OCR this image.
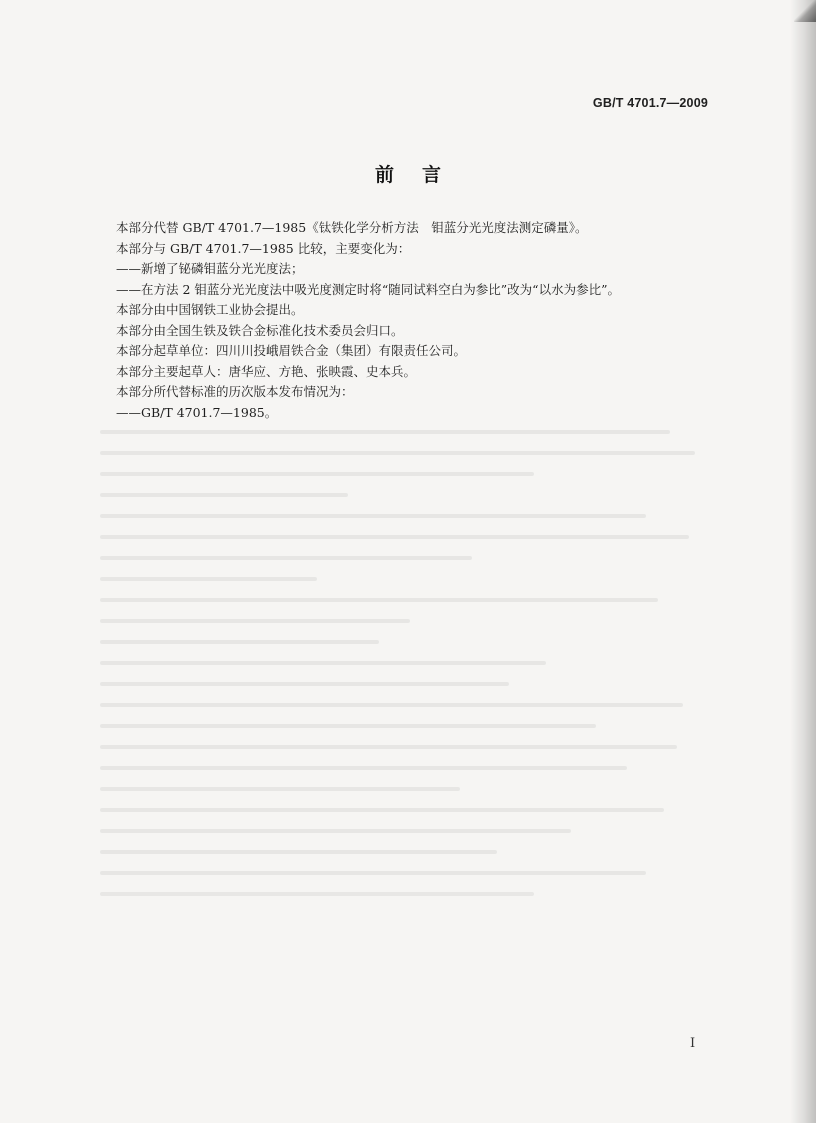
GB/T 4701.7—2009
前言
本部分代替 GB/T 4701.7—1985《钛铁化学分析方法　钼蓝分光光度法测定磷量》。
本部分与 GB/T 4701.7—1985 比较，主要变化为：
——新增了铋磷钼蓝分光光度法；
——在方法 2 钼蓝分光光度法中吸光度测定时将“随同试料空白为参比”改为“以水为参比”。
本部分由中国钢铁工业协会提出。
本部分由全国生铁及铁合金标准化技术委员会归口。
本部分起草单位：四川川投峨眉铁合金（集团）有限责任公司。
本部分主要起草人：唐华应、方艳、张映霞、史本兵。
本部分所代替标准的历次版本发布情况为：
——GB/T 4701.7—1985。
I
